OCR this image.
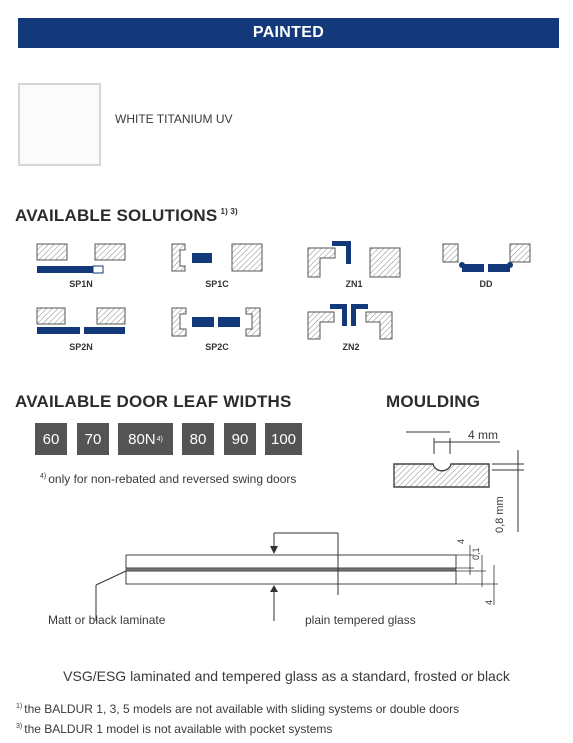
PAINTED
WHITE TITANIUM UV
AVAILABLE SOLUTIONS $^{1) 3)}$
SP1N	SP1C	ZN1	DD
SP2N	SP2C	ZN2
AVAILABLE DOOR LEAF WIDTHS
60 70 80N 4) 80 90 100
$^{4)}$ only for non-rebated and reversed swing doors
MOULDING
4 mm
0,8 mm
4
0,1
4
Matt or black laminate	plain tempered glass
VSG/ESG laminated and tempered glass as a standard, frosted or black
$^{1)}$ the BALDUR 1, 3, 5 models are not available with sliding systems or double doors
$^{3)}$ the BALDUR 1 model is not available with pocket systems
